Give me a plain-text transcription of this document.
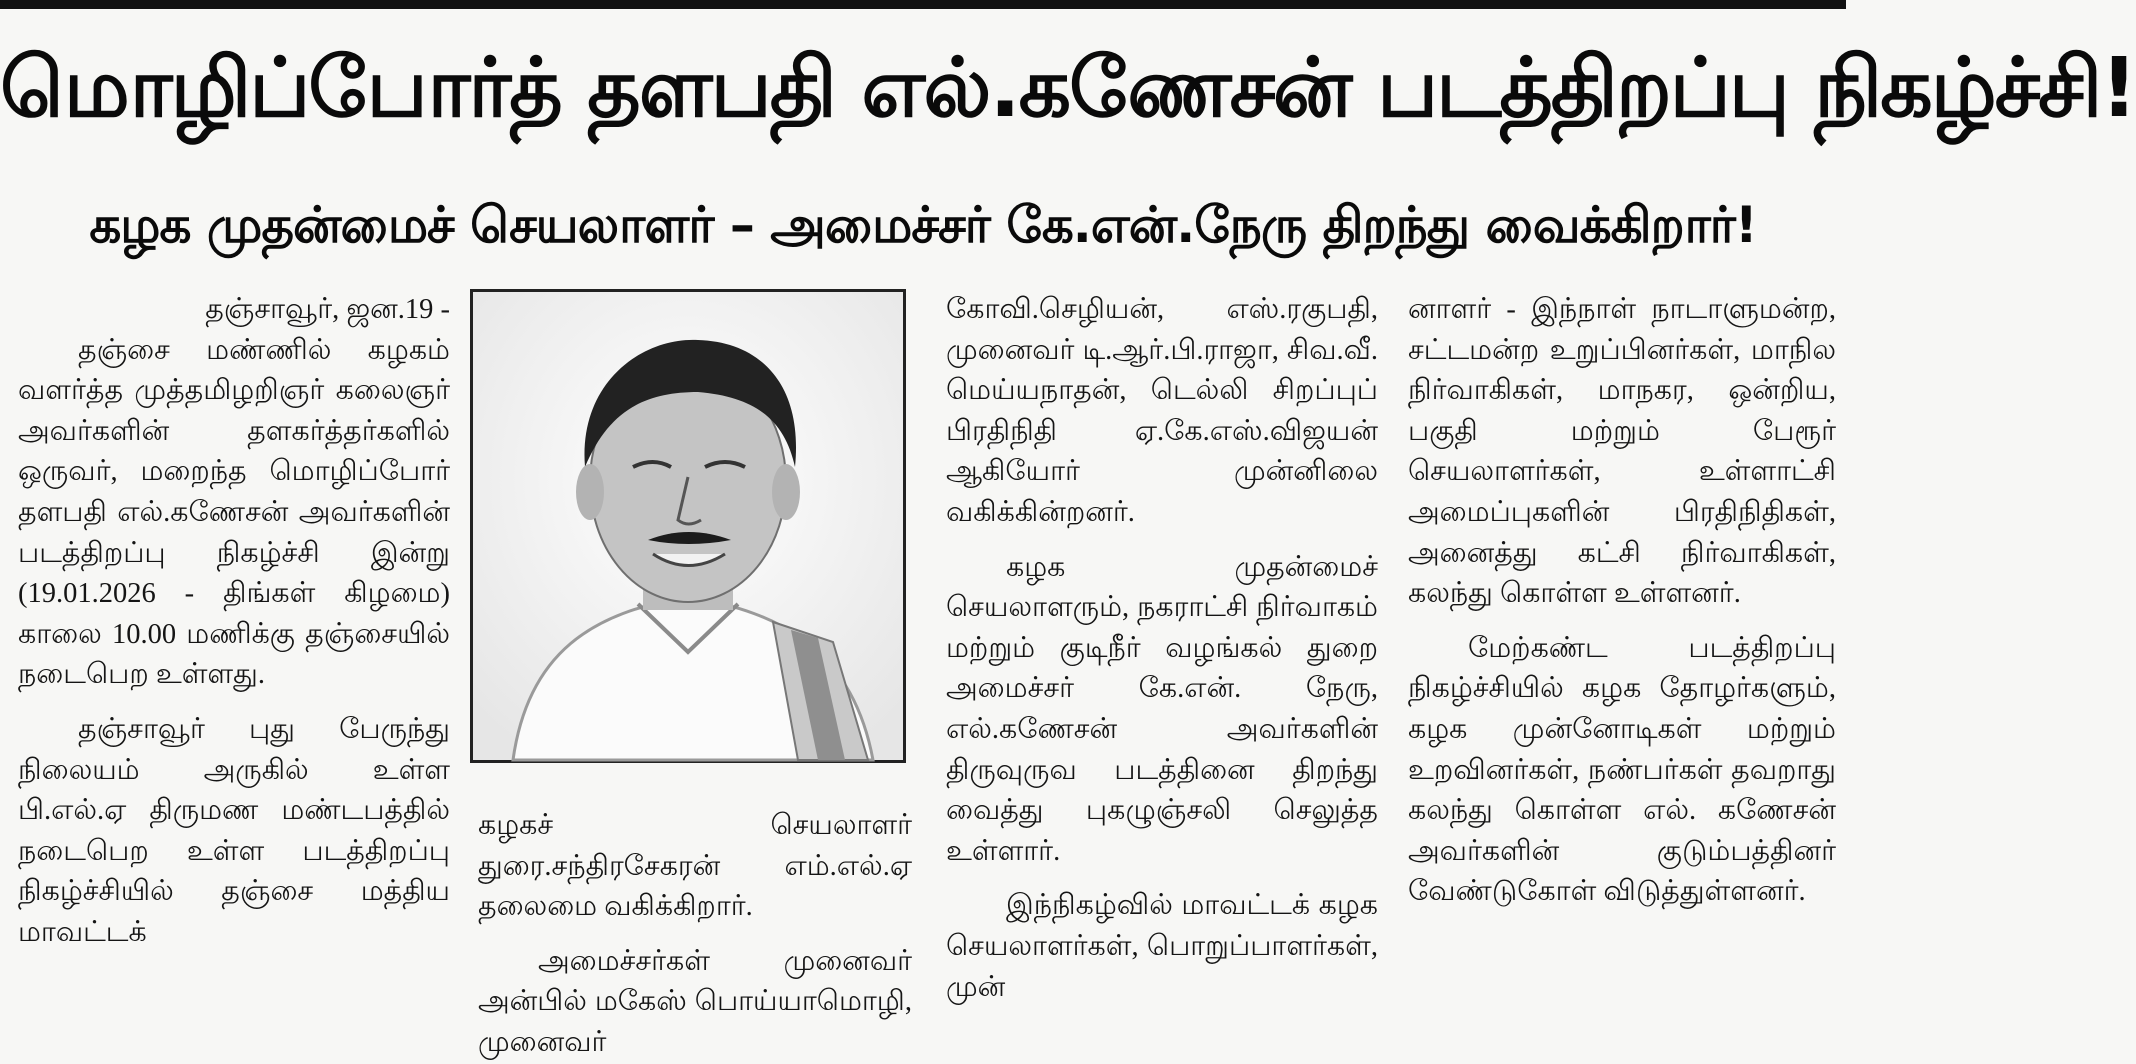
மொழிப்போர்த் தளபதி எல்.கணேசன் படத்திறப்பு நிகழ்ச்சி!
கழக முதன்மைச் செயலாளர் – அமைச்சர் கே.என்.நேரு திறந்து வைக்கிறார்!

தஞ்சாவூர், ஜன.19 -

தஞ்சை மண்ணில் கழகம் வளர்த்த முத்தமிழறிஞர் கலைஞர் அவர்களின் தளகர்த்தர்களில் ஒருவர், மறைந்த மொழிப்போர் தளபதி எல்.கணேசன் அவர்களின் படத்திறப்பு நிகழ்ச்சி இன்று (19.01.2026 - திங்கள் கிழமை) காலை 10.00 மணிக்கு தஞ்சையில் நடைபெற உள்ளது.

தஞ்சாவூர் புது பேருந்து நிலையம் அருகில் உள்ள பி.எல்.ஏ திருமண மண்டபத்தில் நடைபெற உள்ள படத்திறப்பு நிகழ்ச்சியில் தஞ்சை மத்திய மாவட்டக்

கழகச் செயலாளர் துரை.சந்திரசேகரன் எம்.எல்.ஏ தலைமை வகிக்கிறார்.

அமைச்சர்கள் முனைவர் அன்பில் மகேஸ் பொய்யாமொழி, முனைவர்

கோவி.செழியன், எஸ்.ரகுபதி, முனைவர் டி.ஆர்.பி.ராஜா, சிவ.வீ. மெய்யநாதன், டெல்லி சிறப்புப் பிரதிநிதி ஏ.கே.எஸ்.விஜயன் ஆகியோர் முன்னிலை வகிக்கின்றனர்.

கழக முதன்மைச் செயலாளரும், நகராட்சி நிர்வாகம் மற்றும் குடிநீர் வழங்கல் துறை அமைச்சர் கே.என். நேரு, எல்.கணேசன் அவர்களின் திருவுருவ படத்தினை திறந்து வைத்து புகழுஞ்சலி செலுத்த உள்ளார்.

இந்நிகழ்வில் மாவட்டக் கழக செயலாளர்கள், பொறுப்பாளர்கள், முன்

னாளர் - இந்நாள் நாடாளுமன்ற, சட்டமன்ற உறுப்பினர்கள், மாநில நிர்வாகிகள், மாநகர, ஒன்றிய, பகுதி மற்றும் பேரூர் செயலாளர்கள், உள்ளாட்சி அமைப்புகளின் பிரதிநிதிகள், அனைத்து கட்சி நிர்வாகிகள், கலந்து கொள்ள உள்ளனர்.

மேற்கண்ட படத்திறப்பு நிகழ்ச்சியில் கழக தோழர்களும், கழக முன்னோடிகள் மற்றும் உறவினர்கள், நண்பர்கள் தவறாது கலந்து கொள்ள எல். கணேசன் அவர்களின் குடும்பத்தினர் வேண்டுகோள் விடுத்துள்ளனர்.
